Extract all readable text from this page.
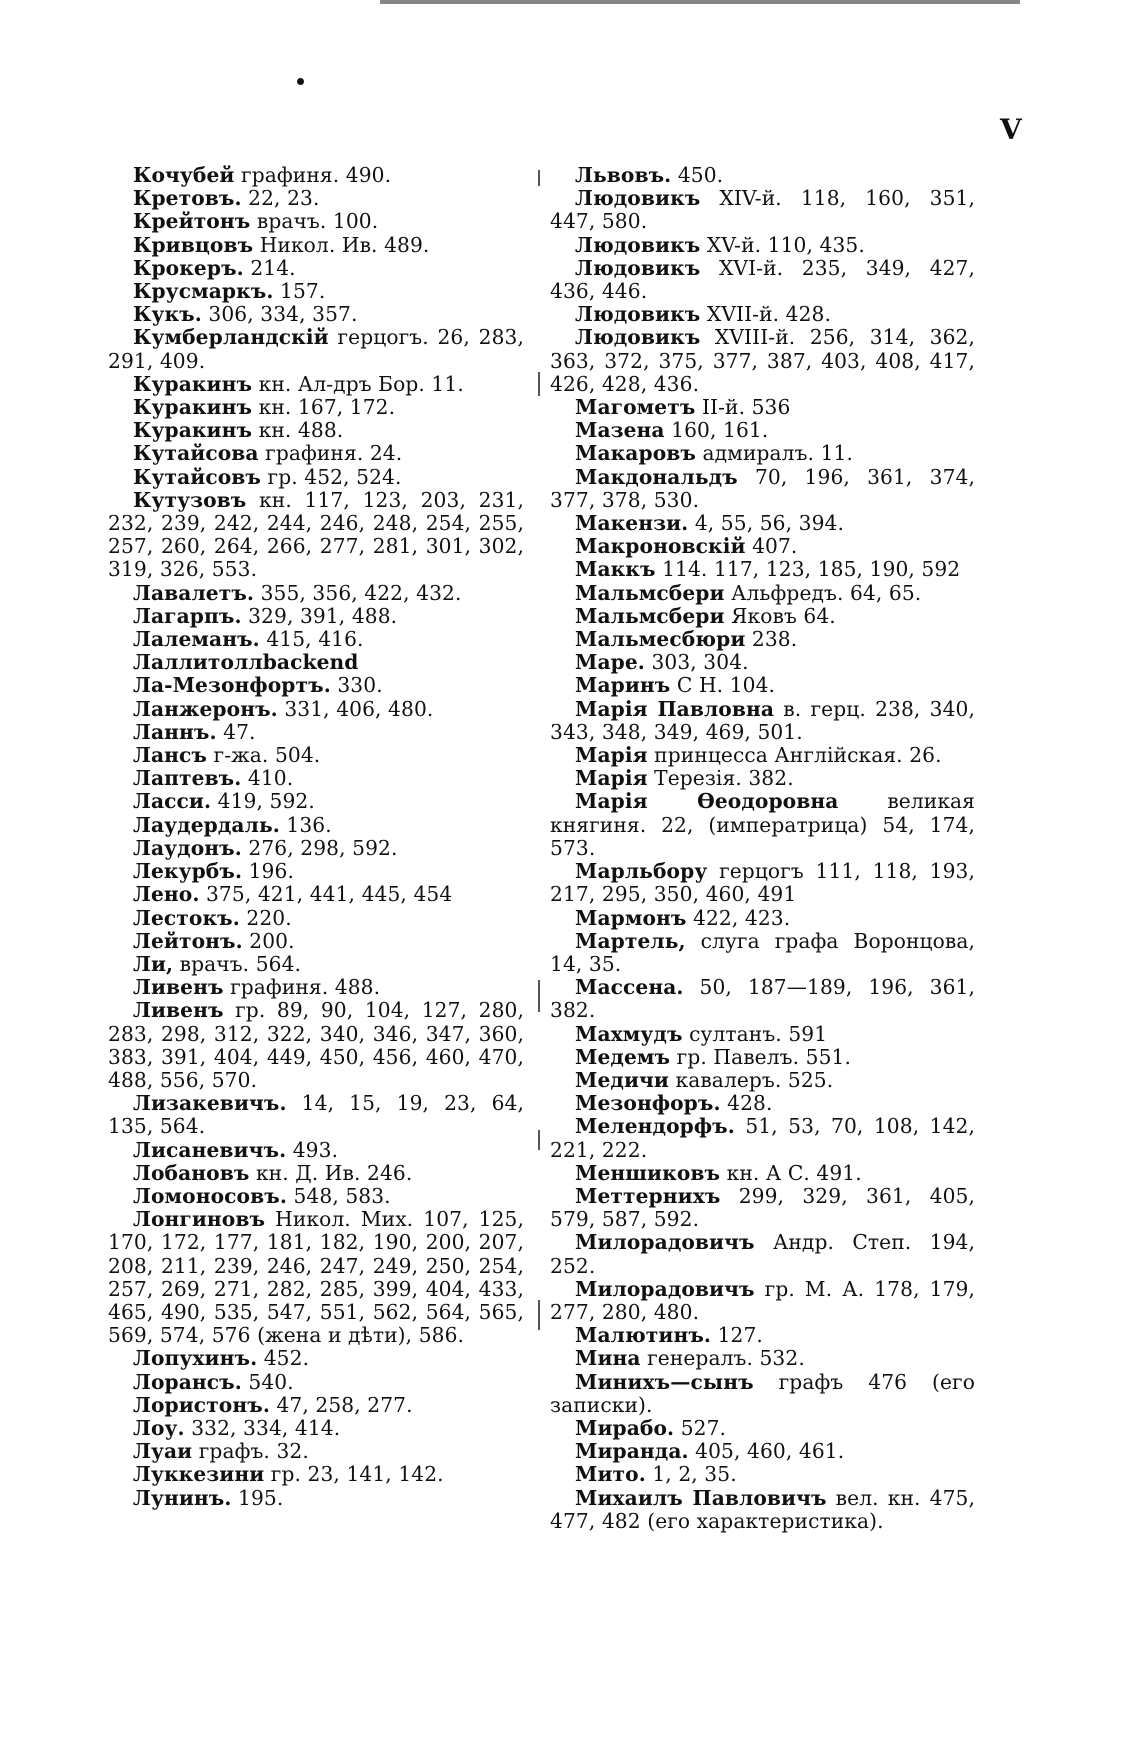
V

Кочубей графиня. 490.

Кретовъ. 22, 23.

Крейтонъ врачъ. 100.

Кривцовъ Никол. Ив. 489.

Крокеръ. 214.

Крусмаркъ. 157.

Кукъ. 306, 334, 357.

Кумберландскій герцогъ. 26, 283, 291, 409.

Куракинъ кн. Ал-дръ Бор. 11.

Куракинъ кн. 167, 172.

Куракинъ кн. 488.

Кутайсова графиня. 24.

Кутайсовъ гр. 452, 524.

Кутузовъ кн. 117, 123, 203, 231, 232, 239, 242, 244, 246, 248, 254, 255, 257, 260, 264, 266, 277, 281, 301, 302, 319, 326, 553.

Лавалетъ. 355, 356, 422, 432.

Лагарпъ. 329, 391, 488.

Лалеманъ. 415, 416.

Лаллитоллbackend

Ла-Мезонфортъ. 330.

Ланжеронъ. 331, 406, 480.

Ланнъ. 47.

Лансъ г-жа. 504.

Лаптевъ. 410.

Ласси. 419, 592.

Лаудердаль. 136.

Лаудонъ. 276, 298, 592.

Лекурбъ. 196.

Лено. 375, 421, 441, 445, 454

Лестокъ. 220.

Лейтонъ. 200.

Ли, врачъ. 564.

Ливенъ графиня. 488.

Ливенъ гр. 89, 90, 104, 127, 280, 283, 298, 312, 322, 340, 346, 347, 360, 383, 391, 404, 449, 450, 456, 460, 470, 488, 556, 570.

Лизакевичъ. 14, 15, 19, 23, 64, 135, 564.

Лисаневичъ. 493.

Лобановъ кн. Д. Ив. 246.

Ломоносовъ. 548, 583.

Лонгиновъ Никол. Мих. 107, 125, 170, 172, 177, 181, 182, 190, 200, 207, 208, 211, 239, 246, 247, 249, 250, 254, 257, 269, 271, 282, 285, 399, 404, 433, 465, 490, 535, 547, 551, 562, 564, 565, 569, 574, 576 (жена и дѣти), 586.

Лопухинъ. 452.

Лорансъ. 540.

Лористонъ. 47, 258, 277.

Лоу. 332, 334, 414.

Луаи графъ. 32.

Луккезини гр. 23, 141, 142.

Лунинъ. 195.

Львовъ. 450.

Людовикъ XIV-й. 118, 160, 351, 447, 580.

Людовикъ XV-й. 110, 435.

Людовикъ XVI-й. 235, 349, 427, 436, 446.

Людовикъ XVII-й. 428.

Людовикъ XVIII-й. 256, 314, 362, 363, 372, 375, 377, 387, 403, 408, 417, 426, 428, 436.

Магометъ II-й. 536

Мазена 160, 161.

Макаровъ адмиралъ. 11.

Макдональдъ 70, 196, 361, 374, 377, 378, 530.

Макензи. 4, 55, 56, 394.

Макроновскій 407.

Маккъ 114. 117, 123, 185, 190, 592

Мальмсбери Альфредъ. 64, 65.

Мальмсбери Яковъ 64.

Мальмесбюри 238.

Маре. 303, 304.

Маринъ С Н. 104.

Марія Павловна в. герц. 238, 340, 343, 348, 349, 469, 501.

Марія принцесса Англійская. 26.

Марія Терезія. 382.

Марія Ѳеодоровна великая княгиня. 22, (императрица) 54, 174, 573.

Марльбору герцогъ 111, 118, 193, 217, 295, 350, 460, 491

Мармонъ 422, 423.

Мартель, слуга графа Воронцова, 14, 35.

Массена. 50, 187—189, 196, 361, 382.

Махмудъ султанъ. 591

Медемъ гр. Павелъ. 551.

Медичи кавалеръ. 525.

Мезонфоръ. 428.

Мелендорфъ. 51, 53, 70, 108, 142, 221, 222.

Меншиковъ кн. А С. 491.

Меттернихъ 299, 329, 361, 405, 579, 587, 592.

Милорадовичъ Андр. Степ. 194, 252.

Милорадовичъ гр. М. А. 178, 179, 277, 280, 480.

Малютинъ. 127.

Мина генералъ. 532.

Минихъ—сынъ графъ 476 (его записки).

Мирабо. 527.

Миранда. 405, 460, 461.

Мито. 1, 2, 35.

Михаилъ Павловичъ вел. кн. 475, 477, 482 (его характеристика).
